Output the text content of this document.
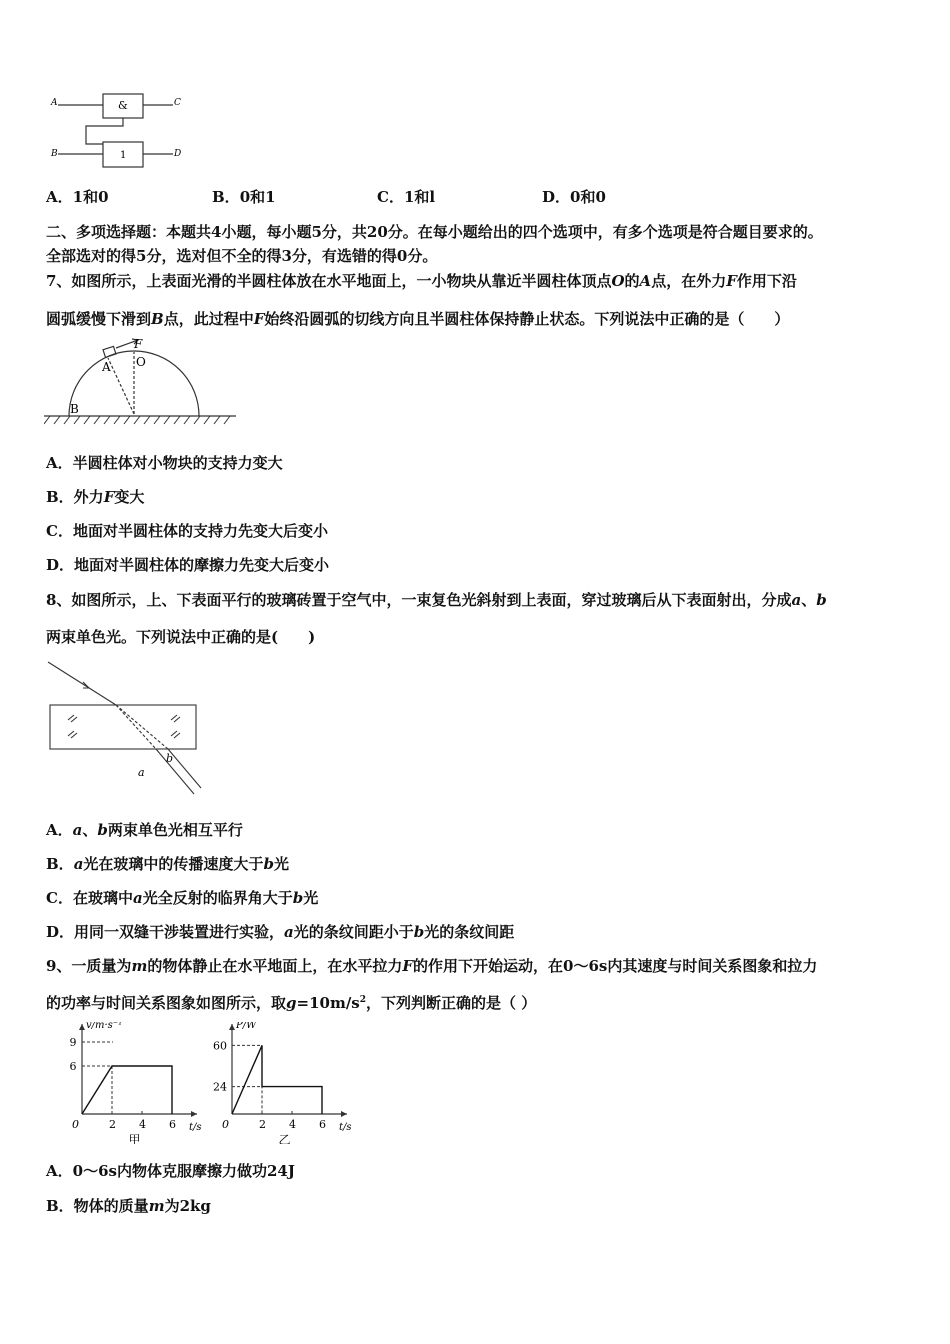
A	&	C
B	1	D
A．1和0	B．0和1	C．1和l	D．0和0
二、多项选择题：本题共4小题，每小题5分，共20分。在每小题给出的四个选项中，有多个选项是符合题目要求的。
全部选对的得5分，选对但不全的得3分，有选错的得0分。
7、如图所示，上表面光滑的半圆柱体放在水平地面上，一小物块从靠近半圆柱体顶点O的A点，在外力F作用下沿
圆弧缓慢下滑到B点，此过程中F始终沿圆弧的切线方向且半圆柱体保持静止状态。下列说法中正确的是（　　）
F
A O
B
A．半圆柱体对小物块的支持力变大
B．外力F变大
C．地面对半圆柱体的支持力先变大后变小
D．地面对半圆柱体的摩擦力先变大后变小
8、如图所示，上、下表面平行的玻璃砖置于空气中，一束复色光斜射到上表面，穿过玻璃后从下表面射出，分成a、b
两束单色光。下列说法中正确的是(　　)
a
b
A．a、b两束单色光相互平行
B．a光在玻璃中的传播速度大于b光
C．在玻璃中a光全反射的临界角大于b光
D．用同一双缝干涉装置进行实验，a光的条纹间距小于b光的条纹间距
9、一质量为m的物体静止在水平地面上，在水平拉力F的作用下开始运动，在0～6s内其速度与时间关系图象和拉力
的功率与时间关系图象如图所示，取$g=10m/s^2$，下列判断正确的是（ ）
v/m·s⁻¹
t/s
0
甲
2 4 6
6
9
P/W
t/s
0
乙
2 4 6
24
60
A．0～6s内物体克服摩擦力做功24J
B．物体的质量m为2kg
